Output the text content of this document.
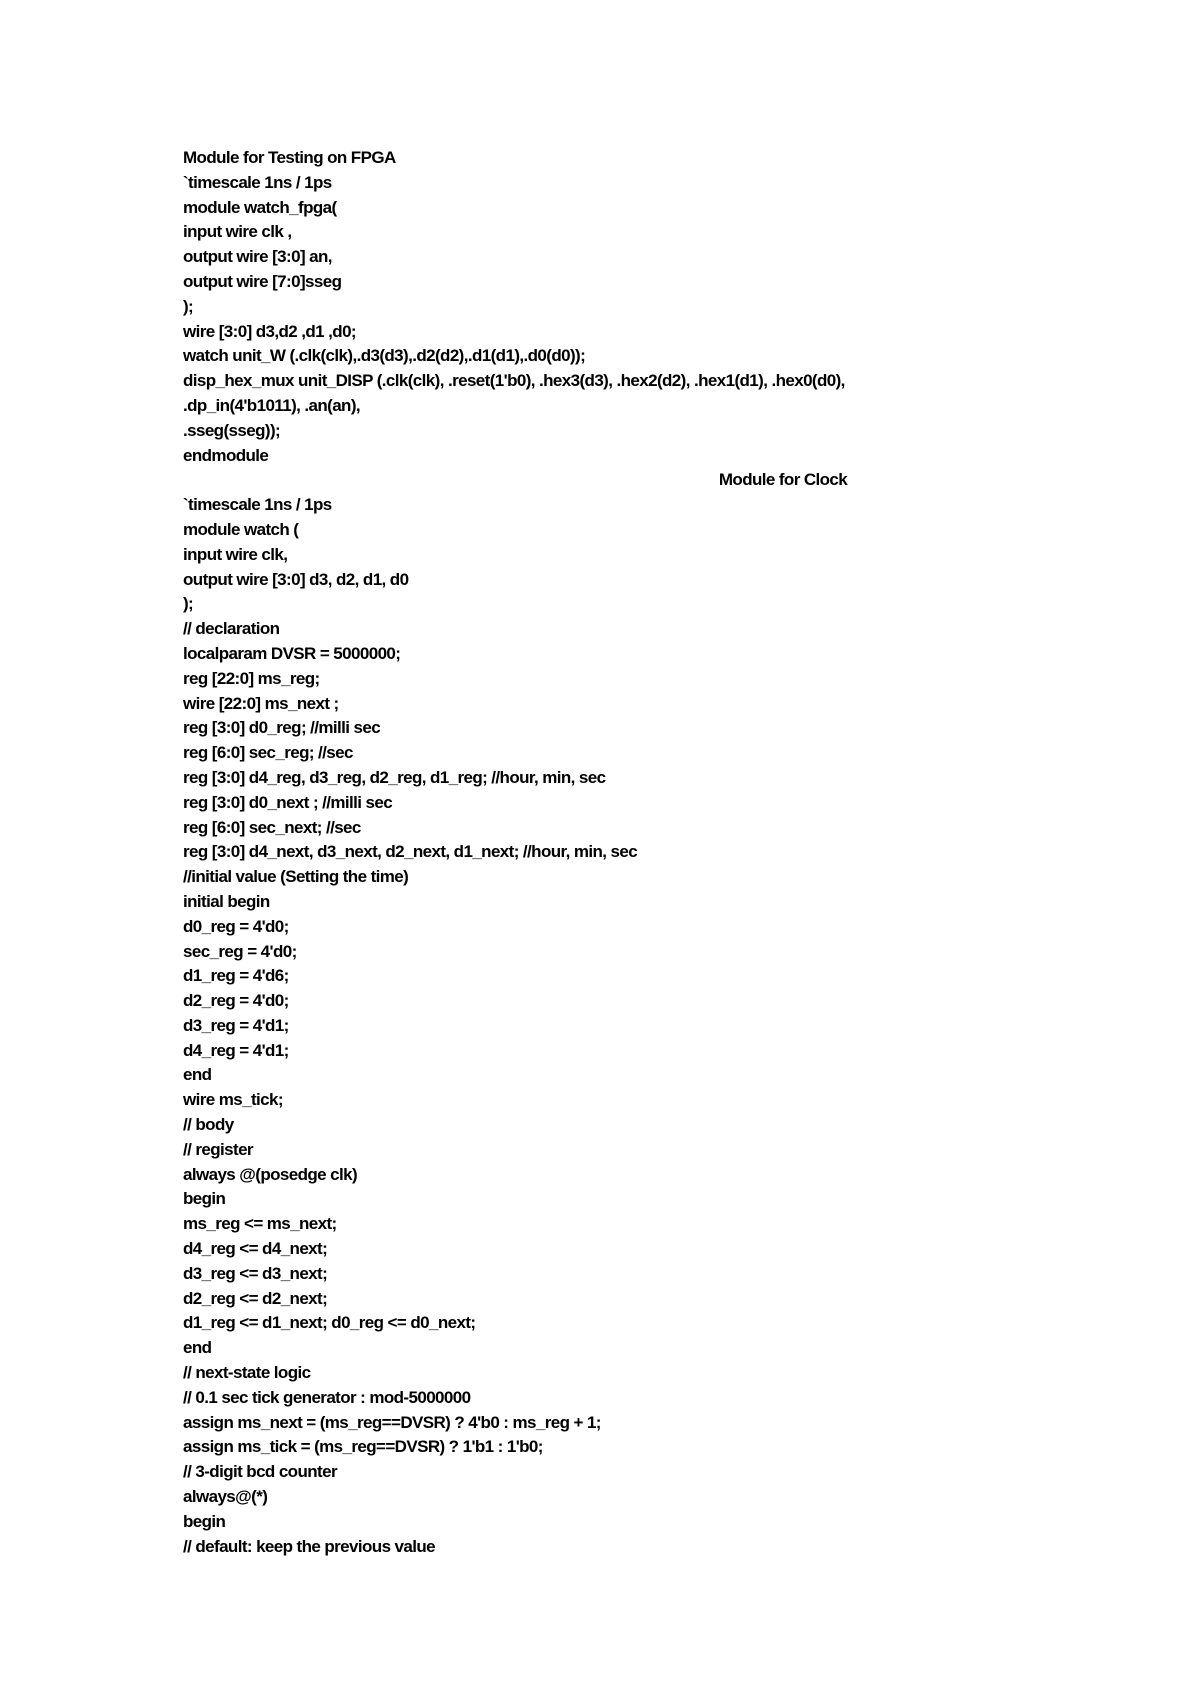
Module for Testing on FPGA
`timescale 1ns / 1ps
module watch_fpga(
input wire clk ,
output wire [3:0] an,
output wire [7:0]sseg
);
wire [3:0] d3,d2 ,d1 ,d0;
watch unit_W (.clk(clk),.d3(d3),.d2(d2),.d1(d1),.d0(d0));
disp_hex_mux unit_DISP (.clk(clk), .reset(1'b0), .hex3(d3), .hex2(d2), .hex1(d1), .hex0(d0),
.dp_in(4'b1011), .an(an),
.sseg(sseg));
endmodule
Module for Clock
`timescale 1ns / 1ps
module watch (
input wire clk,
output wire [3:0] d3, d2, d1, d0
);
// declaration
localparam DVSR = 5000000;
reg [22:0] ms_reg;
wire [22:0] ms_next ;
reg [3:0] d0_reg; //milli sec
reg [6:0] sec_reg; //sec
reg [3:0] d4_reg, d3_reg, d2_reg, d1_reg; //hour, min, sec
reg [3:0] d0_next ; //milli sec
reg [6:0] sec_next; //sec
reg [3:0] d4_next, d3_next, d2_next, d1_next; //hour, min, sec
//initial value (Setting the time)
initial begin
d0_reg = 4'd0;
sec_reg = 4'd0;
d1_reg = 4'd6;
d2_reg = 4'd0;
d3_reg = 4'd1;
d4_reg = 4'd1;
end
wire ms_tick;
// body
// register
always @(posedge clk)
begin
ms_reg <= ms_next;
d4_reg <= d4_next;
d3_reg <= d3_next;
d2_reg <= d2_next;
d1_reg <= d1_next; d0_reg <= d0_next;
end
// next-state logic
// 0.1 sec tick generator : mod-5000000
assign ms_next = (ms_reg==DVSR) ? 4'b0 : ms_reg + 1;
assign ms_tick = (ms_reg==DVSR) ? 1'b1 : 1'b0;
// 3-digit bcd counter
always@(*)
begin
// default: keep the previous value
